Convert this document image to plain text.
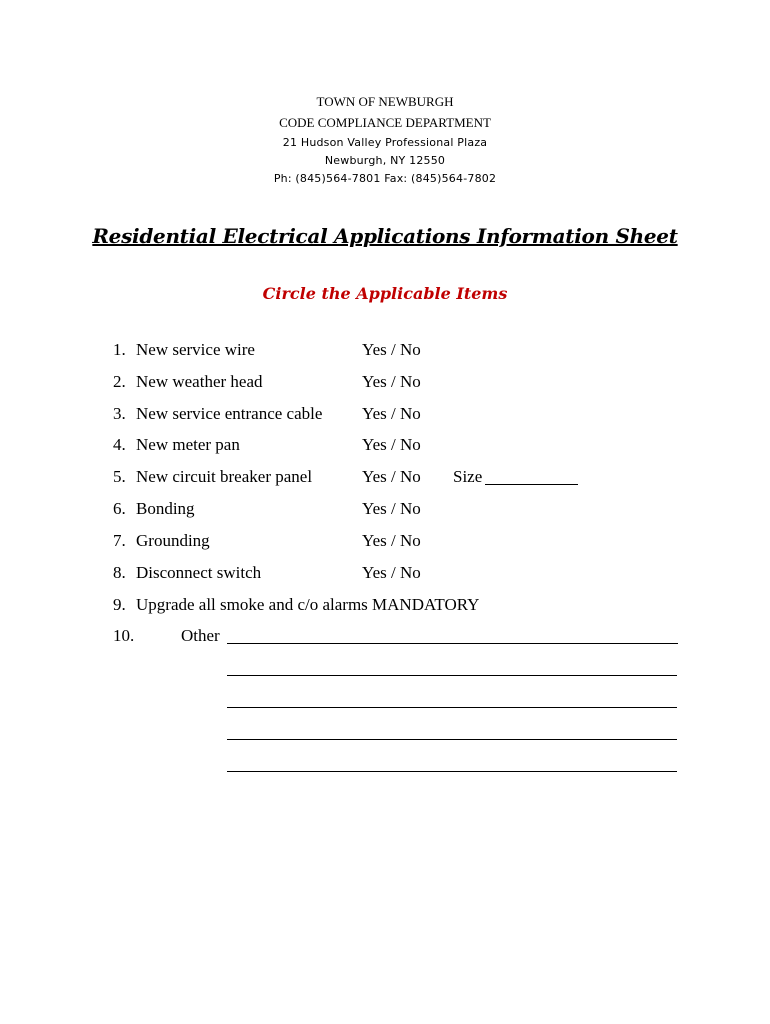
TOWN OF NEWBURGH
CODE COMPLIANCE DEPARTMENT
21 Hudson Valley Professional Plaza
Newburgh, NY 12550
Ph: (845)564-7801 Fax: (845)564-7802
Residential Electrical Applications Information Sheet
Circle the Applicable Items
1. New service wire	Yes / No
2. New weather head	Yes / No
3. New service entrance cable Yes / No
4. New meter pan	Yes / No
5. New circuit breaker panel	Yes / No Size
6. Bonding	Yes / No
7. Grounding	Yes / No
8. Disconnect switch	Yes / No
9. Upgrade all smoke and c/o alarms MANDATORY
10.	Other
